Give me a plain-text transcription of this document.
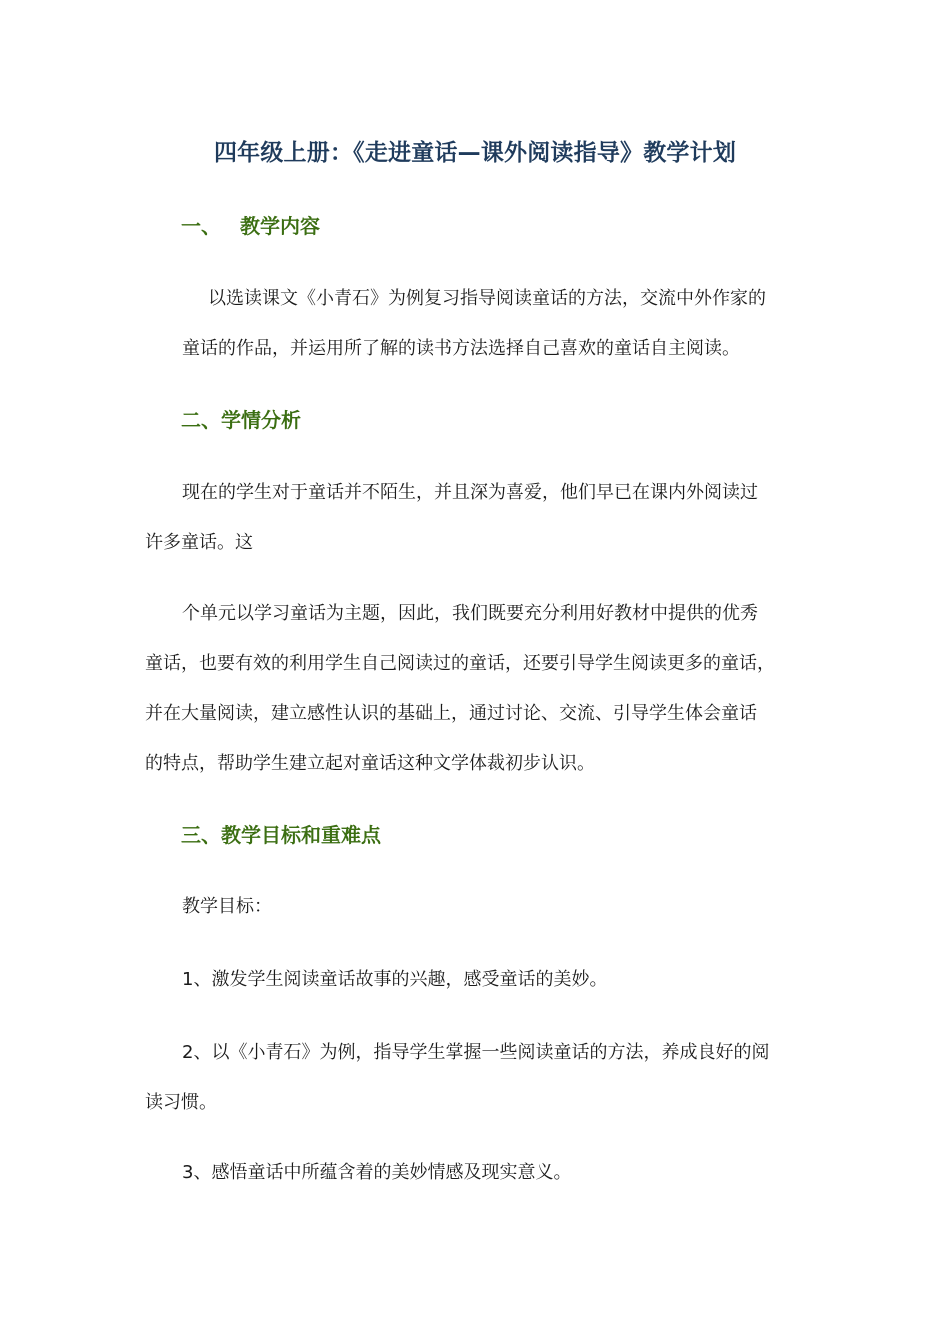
四年级上册：《走进童话—课外阅读指导》教学计划
一、 教学内容
以选读课文《小青石》为例复习指导阅读童话的方法，交流中外作家的
童话的作品，并运用所了解的读书方法选择自己喜欢的童话自主阅读。
二、学情分析
现在的学生对于童话并不陌生，并且深为喜爱，他们早已在课内外阅读过
许多童话。这
个单元以学习童话为主题，因此，我们既要充分利用好教材中提供的优秀
童话，也要有效的利用学生自己阅读过的童话，还要引导学生阅读更多的童话，
并在大量阅读，建立感性认识的基础上，通过讨论、交流、引导学生体会童话
的特点，帮助学生建立起对童话这种文学体裁初步认识。
三、教学目标和重难点
教学目标：
1、激发学生阅读童话故事的兴趣，感受童话的美妙。
2、以《小青石》为例，指导学生掌握一些阅读童话的方法，养成良好的阅
读习惯。
3、感悟童话中所蕴含着的美妙情感及现实意义。
